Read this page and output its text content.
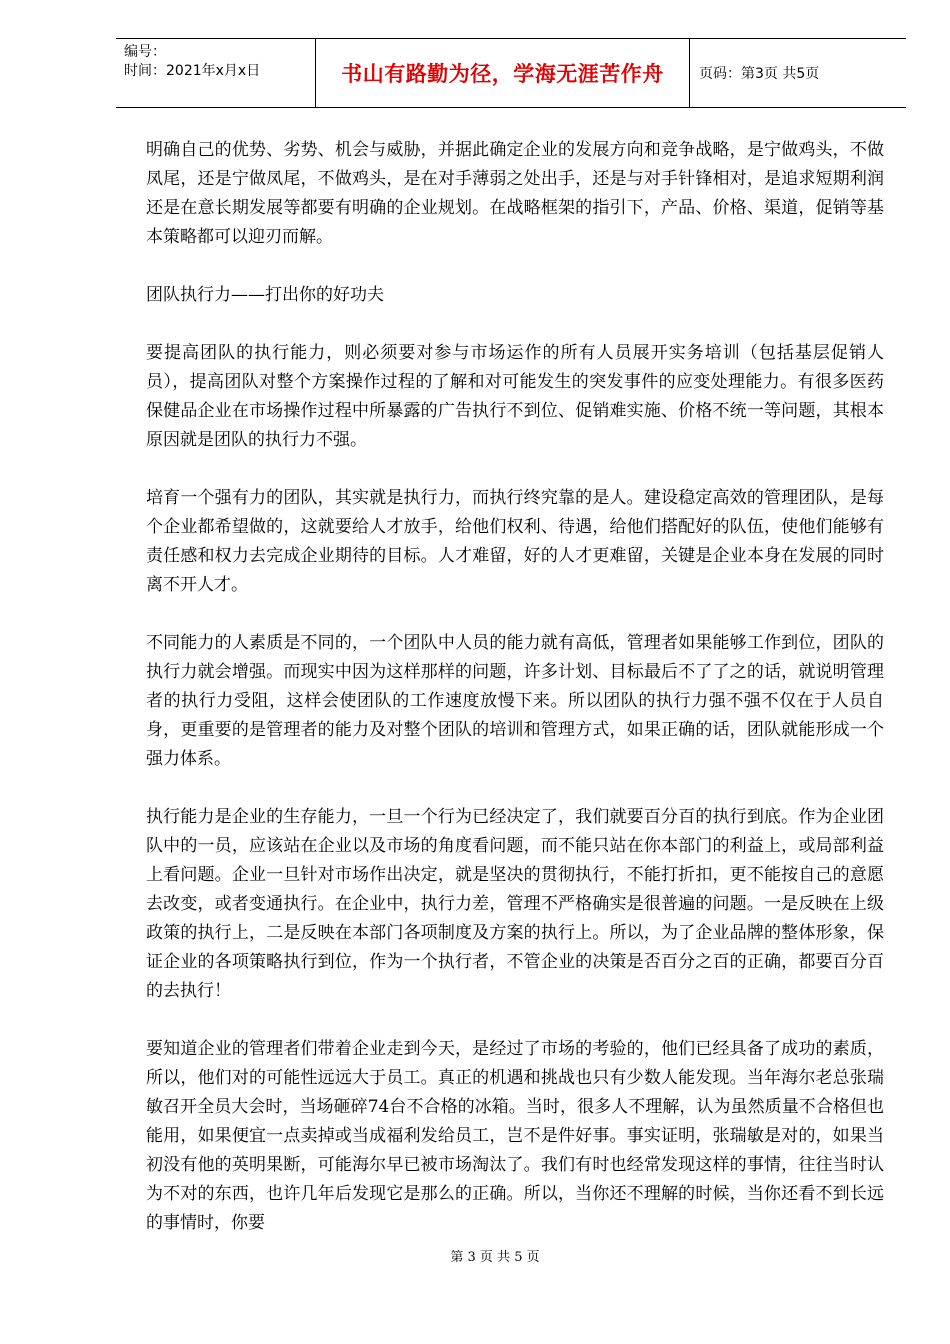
编号：
时间：2021年x月x日	书山有路勤为径，学海无涯苦作舟	页码：第3页 共5页

明确自己的优势、劣势、机会与威胁，并据此确定企业的发展方向和竞争战略，是宁做鸡头，不做凤尾，还是宁做凤尾，不做鸡头，是在对手薄弱之处出手，还是与对手针锋相对，是追求短期利润还是在意长期发展等都要有明确的企业规划。在战略框架的指引下，产品、价格、渠道，促销等基本策略都可以迎刃而解。

团队执行力——打出你的好功夫

要提高团队的执行能力，则必须要对参与市场运作的所有人员展开实务培训（包括基层促销人员），提高团队对整个方案操作过程的了解和对可能发生的突发事件的应变处理能力。有很多医药保健品企业在市场操作过程中所暴露的广告执行不到位、促销难实施、价格不统一等问题，其根本原因就是团队的执行力不强。

培育一个强有力的团队，其实就是执行力，而执行终究靠的是人。建设稳定高效的管理团队，是每个企业都希望做的，这就要给人才放手，给他们权利、待遇，给他们搭配好的队伍，使他们能够有责任感和权力去完成企业期待的目标。人才难留，好的人才更难留，关键是企业本身在发展的同时离不开人才。

不同能力的人素质是不同的，一个团队中人员的能力就有高低，管理者如果能够工作到位，团队的执行力就会增强。而现实中因为这样那样的问题，许多计划、目标最后不了了之的话，就说明管理者的执行力受阻，这样会使团队的工作速度放慢下来。所以团队的执行力强不强不仅在于人员自身，更重要的是管理者的能力及对整个团队的培训和管理方式，如果正确的话，团队就能形成一个强力体系。

执行能力是企业的生存能力，一旦一个行为已经决定了，我们就要百分百的执行到底。作为企业团队中的一员，应该站在企业以及市场的角度看问题，而不能只站在你本部门的利益上，或局部利益上看问题。企业一旦针对市场作出决定，就是坚决的贯彻执行，不能打折扣，更不能按自己的意愿去改变，或者变通执行。在企业中，执行力差，管理不严格确实是很普遍的问题。一是反映在上级政策的执行上，二是反映在本部门各项制度及方案的执行上。所以，为了企业品牌的整体形象，保证企业的各项策略执行到位，作为一个执行者，不管企业的决策是否百分之百的正确，都要百分百的去执行！

要知道企业的管理者们带着企业走到今天，是经过了市场的考验的，他们已经具备了成功的素质，所以，他们对的可能性远远大于员工。真正的机遇和挑战也只有少数人能发现。当年海尔老总张瑞敏召开全员大会时，当场砸碎74台不合格的冰箱。当时，很多人不理解，认为虽然质量不合格但也能用，如果便宜一点卖掉或当成福利发给员工，岂不是件好事。事实证明，张瑞敏是对的，如果当初没有他的英明果断，可能海尔早已被市场淘汰了。我们有时也经常发现这样的事情，往往当时认为不对的东西，也许几年后发现它是那么的正确。所以，当你还不理解的时候，当你还看不到长远的事情时，你要

第 3 页 共 5 页
